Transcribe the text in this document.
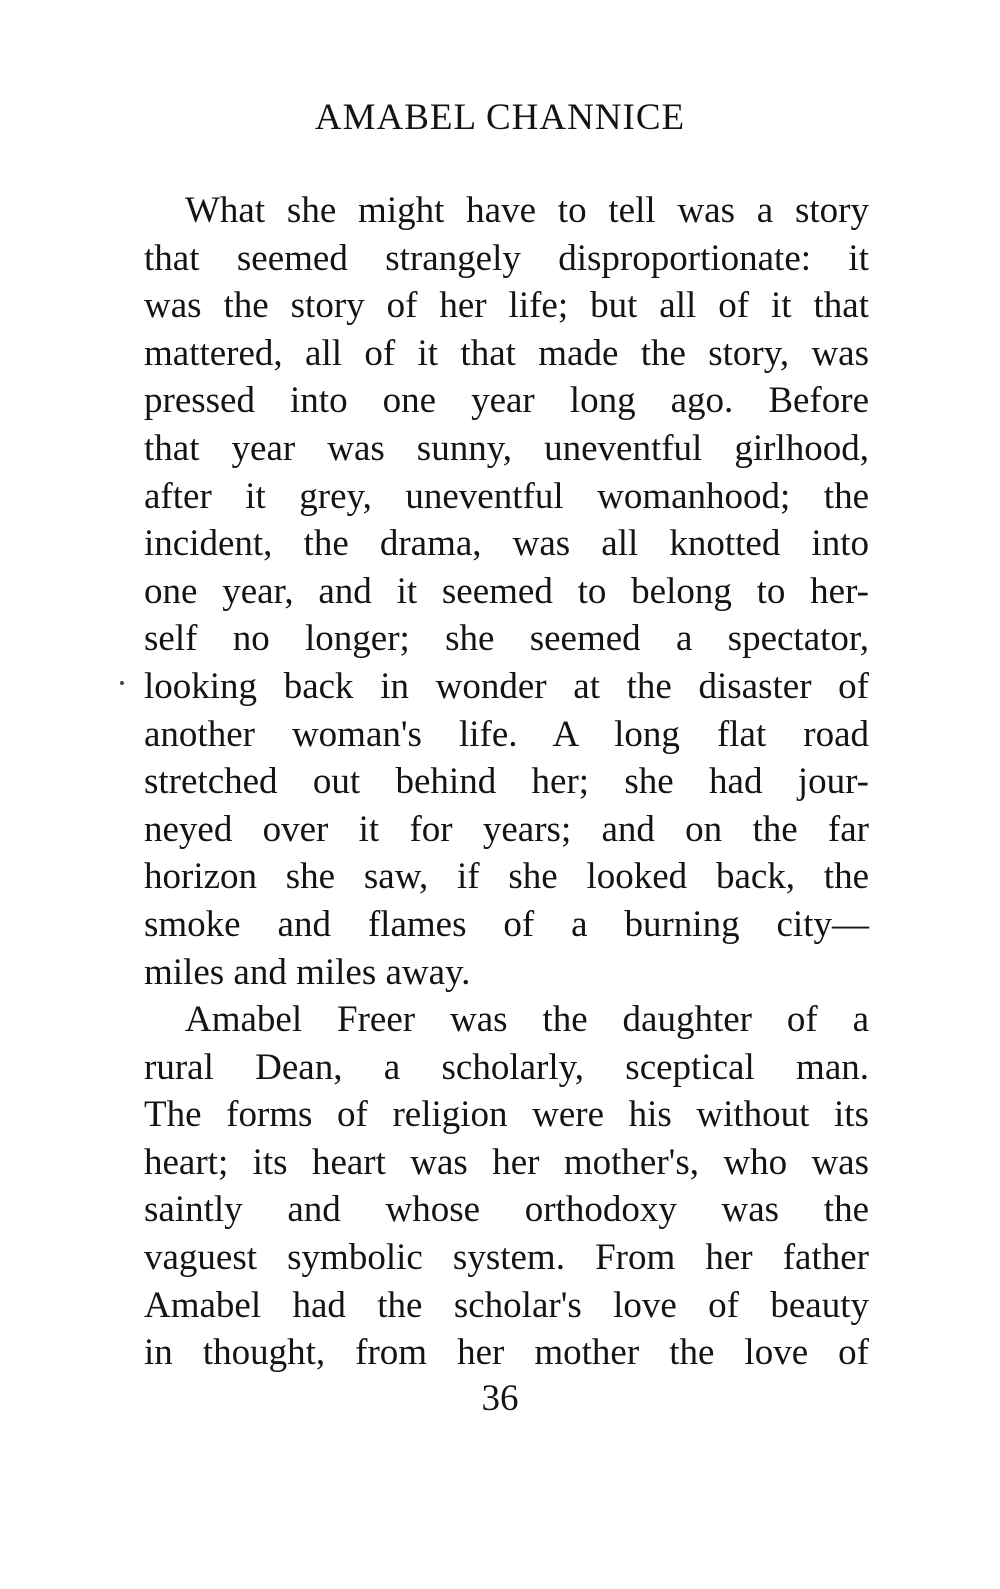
AMABEL CHANNICE
What she might have to tell was a story
that seemed strangely disproportionate: it
was the story of her life; but all of it that
mattered, all of it that made the story, was
pressed into one year long ago. Before
that year was sunny, uneventful girlhood,
after it grey, uneventful womanhood; the
incident, the drama, was all knotted into
one year, and it seemed to belong to her-
self no longer; she seemed a spectator,
looking back in wonder at the disaster of
another woman's life. A long flat road
stretched out behind her; she had jour-
neyed over it for years; and on the far
horizon she saw, if she looked back, the
smoke and flames of a burning city—
miles and miles away.
Amabel Freer was the daughter of a
rural Dean, a scholarly, sceptical man.
The forms of religion were his without its
heart; its heart was her mother's, who was
saintly and whose orthodoxy was the
vaguest symbolic system. From her father
Amabel had the scholar's love of beauty
in thought, from her mother the love of
36
